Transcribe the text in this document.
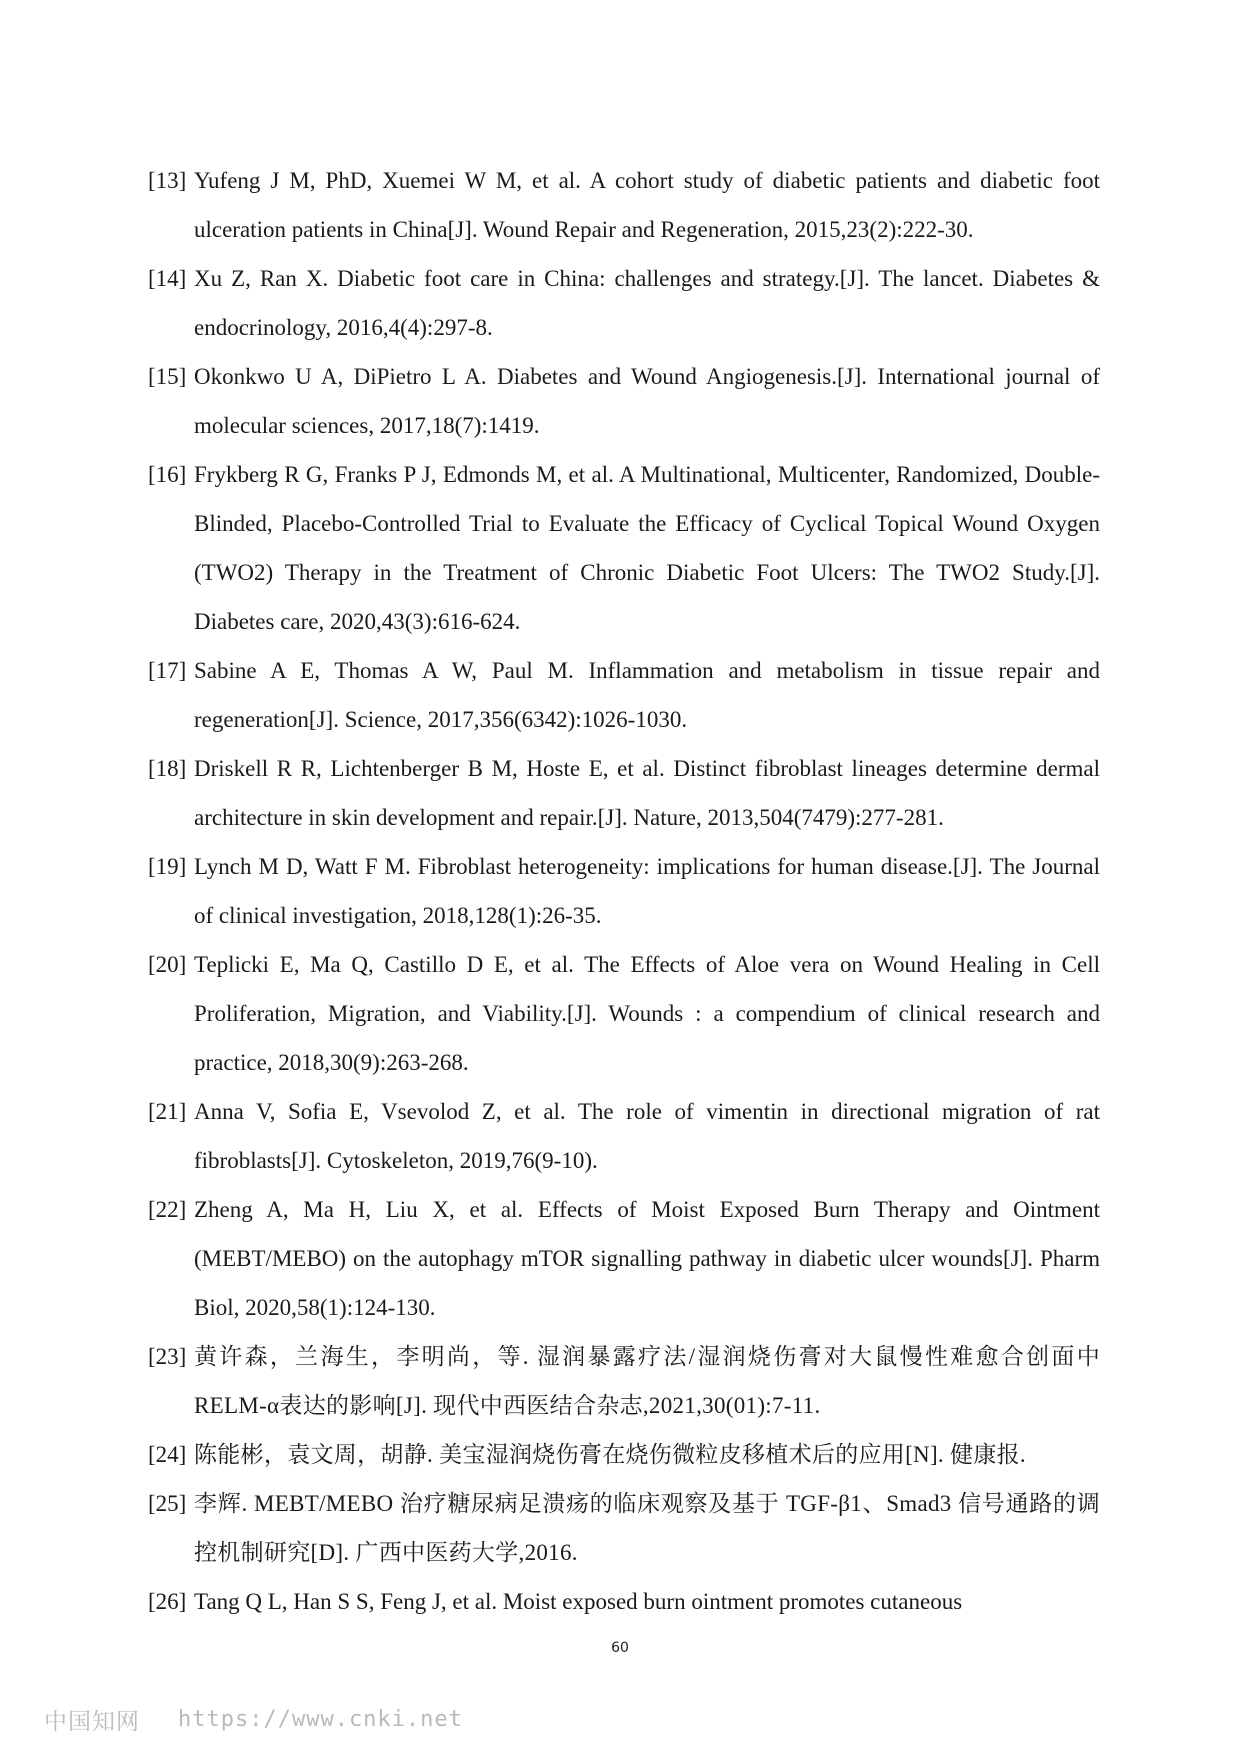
[13] Yufeng J M, PhD, Xuemei W M, et al. A cohort study of diabetic patients and diabetic foot ulceration patients in China[J]. Wound Repair and Regeneration, 2015,23(2):222-30.
[14] Xu Z, Ran X. Diabetic foot care in China: challenges and strategy.[J]. The lancet. Diabetes & endocrinology, 2016,4(4):297-8.
[15] Okonkwo U A, DiPietro L A. Diabetes and Wound Angiogenesis.[J]. International journal of molecular sciences, 2017,18(7):1419.
[16] Frykberg R G, Franks P J, Edmonds M, et al. A Multinational, Multicenter, Randomized, Double-Blinded, Placebo-Controlled Trial to Evaluate the Efficacy of Cyclical Topical Wound Oxygen (TWO2) Therapy in the Treatment of Chronic Diabetic Foot Ulcers: The TWO2 Study.[J]. Diabetes care, 2020,43(3):616-624.
[17] Sabine A E, Thomas A W, Paul M. Inflammation and metabolism in tissue repair and regeneration[J]. Science, 2017,356(6342):1026-1030.
[18] Driskell R R, Lichtenberger B M, Hoste E, et al. Distinct fibroblast lineages determine dermal architecture in skin development and repair.[J]. Nature, 2013,504(7479):277-281.
[19] Lynch M D, Watt F M. Fibroblast heterogeneity: implications for human disease.[J]. The Journal of clinical investigation, 2018,128(1):26-35.
[20] Teplicki E, Ma Q, Castillo D E, et al. The Effects of Aloe vera on Wound Healing in Cell Proliferation, Migration, and Viability.[J]. Wounds : a compendium of clinical research and practice, 2018,30(9):263-268.
[21] Anna V, Sofia E, Vsevolod Z, et al. The role of vimentin in directional migration of rat fibroblasts[J]. Cytoskeleton, 2019,76(9-10).
[22] Zheng A, Ma H, Liu X, et al. Effects of Moist Exposed Burn Therapy and Ointment (MEBT/MEBO) on the autophagy mTOR signalling pathway in diabetic ulcer wounds[J]. Pharm Biol, 2020,58(1):124-130.
[23] 黄许森，兰海生，李明尚，等. 湿润暴露疗法/湿润烧伤膏对大鼠慢性难愈合创面中RELM-α表达的影响[J]. 现代中西医结合杂志,2021,30(01):7-11.
[24] 陈能彬，袁文周，胡静. 美宝湿润烧伤膏在烧伤微粒皮移植术后的应用[N]. 健康报.
[25] 李辉. MEBT/MEBO 治疗糖尿病足溃疡的临床观察及基于 TGF-β1、Smad3 信号通路的调控机制研究[D]. 广西中医药大学,2016.
[26] Tang Q L, Han S S, Feng J, et al. Moist exposed burn ointment promotes cutaneous
60
中国知网 https://www.cnki.net
